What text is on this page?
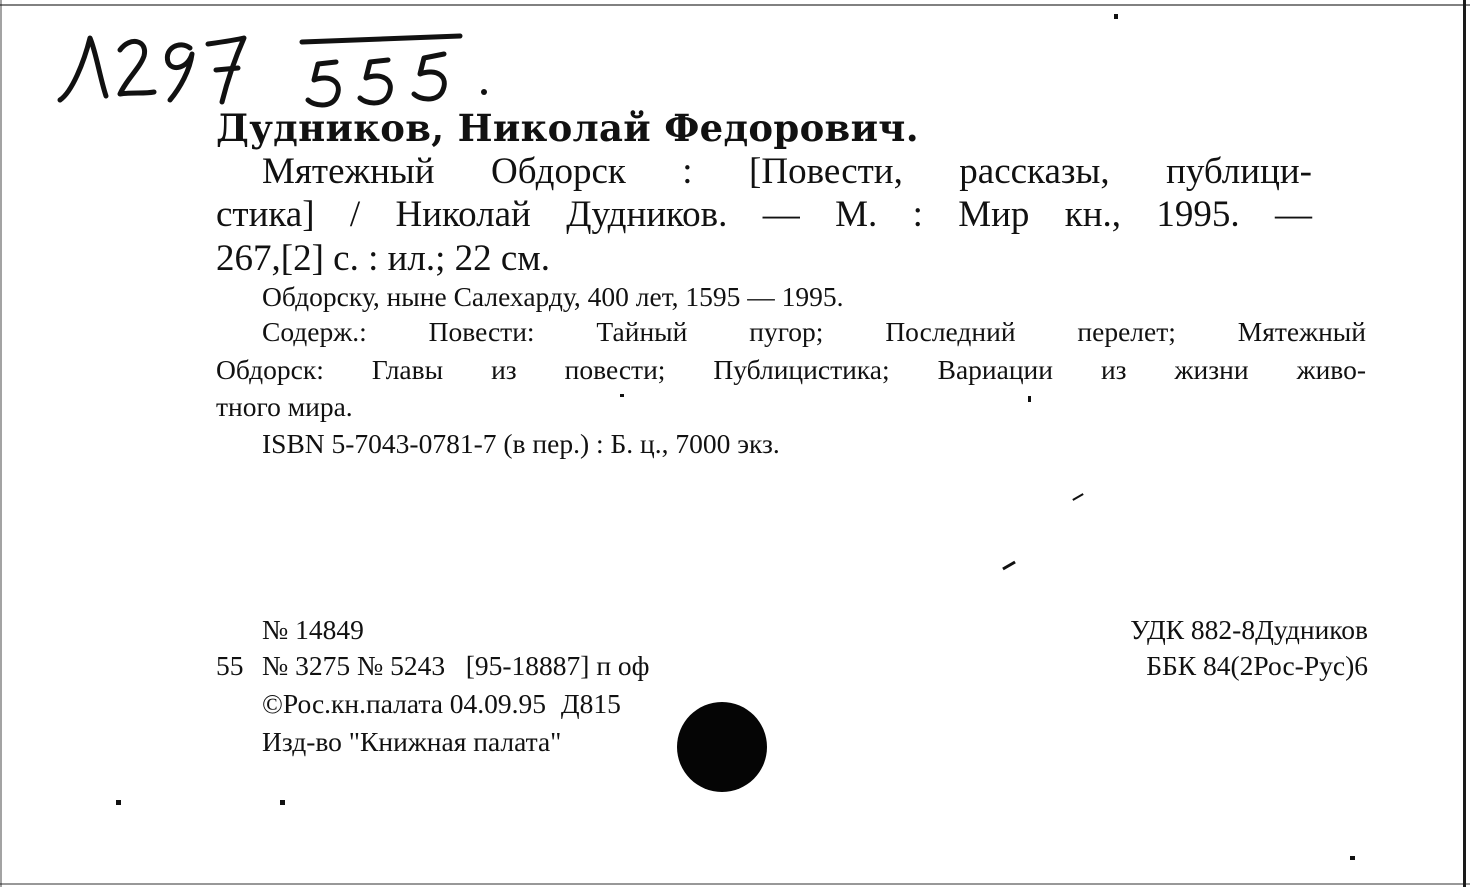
Дудников, Николай Федорович.
Мятежный Обдорск : [Повести, рассказы, публици-
стика] / Николай Дудников. — М. : Мир кн., 1995. —
267,[2] с. : ил.; 22 см.
Обдорску, ныне Салехарду, 400 лет, 1595 — 1995.
Содерж.: Повести: Тайный пугор; Последний перелет; Мятежный
Обдорск: Главы из повести; Публицистика; Вариации из жизни живо-
тного мира.
ISBN 5-7043-0781-7 (в пер.) : Б. ц., 7000 экз.
№ 14849
55 № 3275 № 5243   [95-18887] п оф
©Рос.кн.палата 04.09.95 Д815
Изд-во "Книжная палата"
УДК 882-8Дудников
ББК 84(2Рос-Рус)6
